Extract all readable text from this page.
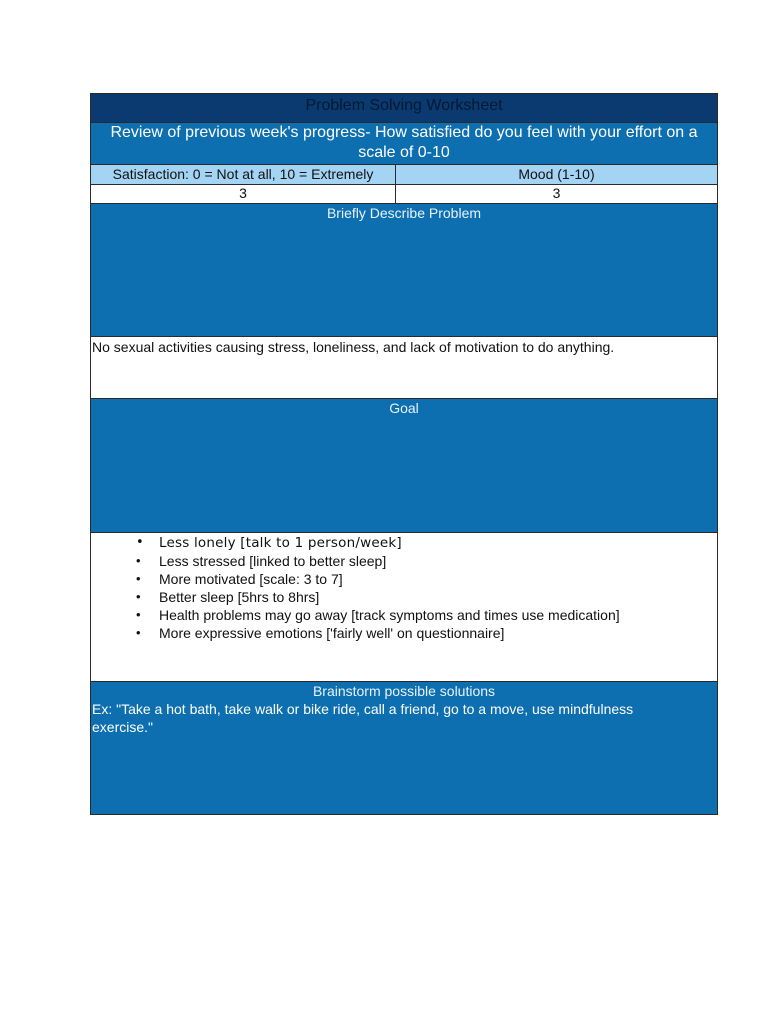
Problem Solving Worksheet
Review of previous week's progress- How satisfied do you feel with your effort on a scale of 0-10
Satisfaction: 0 = Not at all, 10 = Extremely	Mood (1-10)
3	3
Briefly Describe Problem
No sexual activities causing stress, loneliness, and lack of motivation to do anything.
Goal
• Less lonely [talk to 1 person/week]
• Less stressed [linked to better sleep]
• More motivated [scale: 3 to 7]
• Better sleep [5hrs to 8hrs]
• Health problems may go away [track symptoms and times use medication]
• More expressive emotions ['fairly well' on questionnaire]
Brainstorm possible solutions
Ex: "Take a hot bath, take walk or bike ride, call a friend, go to a move, use mindfulness exercise."
